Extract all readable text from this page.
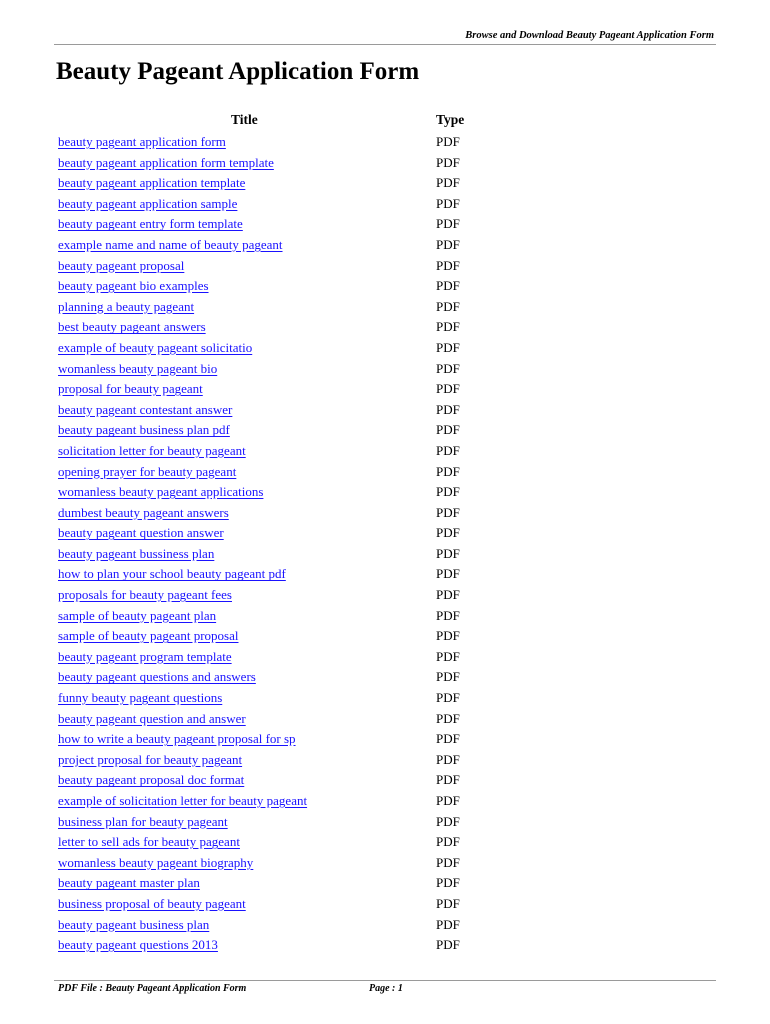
Browse and Download Beauty Pageant Application Form
Beauty Pageant Application Form
Title	Type
beauty pageant application form	PDF
beauty pageant application form template	PDF
beauty pageant application template	PDF
beauty pageant application sample	PDF
beauty pageant entry form template	PDF
example name and name of beauty pageant	PDF
beauty pageant proposal	PDF
beauty pageant bio examples	PDF
planning a beauty pageant	PDF
best beauty pageant answers	PDF
example of beauty pageant solicitatio	PDF
womanless beauty pageant bio	PDF
proposal for beauty pageant	PDF
beauty pageant contestant answer	PDF
beauty pageant business plan pdf	PDF
solicitation letter for beauty pageant	PDF
opening prayer for beauty pageant	PDF
womanless beauty pageant applications	PDF
dumbest beauty pageant answers	PDF
beauty pageant question answer	PDF
beauty pageant bussiness plan	PDF
how to plan your school beauty pageant pdf	PDF
proposals for beauty pageant fees	PDF
sample of beauty pageant plan	PDF
sample of beauty pageant proposal	PDF
beauty pageant program template	PDF
beauty pageant questions and answers	PDF
funny beauty pageant questions	PDF
beauty pageant question and answer	PDF
how to write a beauty pageant proposal for sp	PDF
project proposal for beauty pageant	PDF
beauty pageant proposal doc format	PDF
example of solicitation letter for beauty pageant	PDF
business plan for beauty pageant	PDF
letter to sell ads for beauty pageant	PDF
womanless beauty pageant biography	PDF
beauty pageant master plan	PDF
business proposal of beauty pageant	PDF
beauty pageant business plan	PDF
beauty pageant questions 2013	PDF
PDF File : Beauty Pageant Application Form	Page : 1
